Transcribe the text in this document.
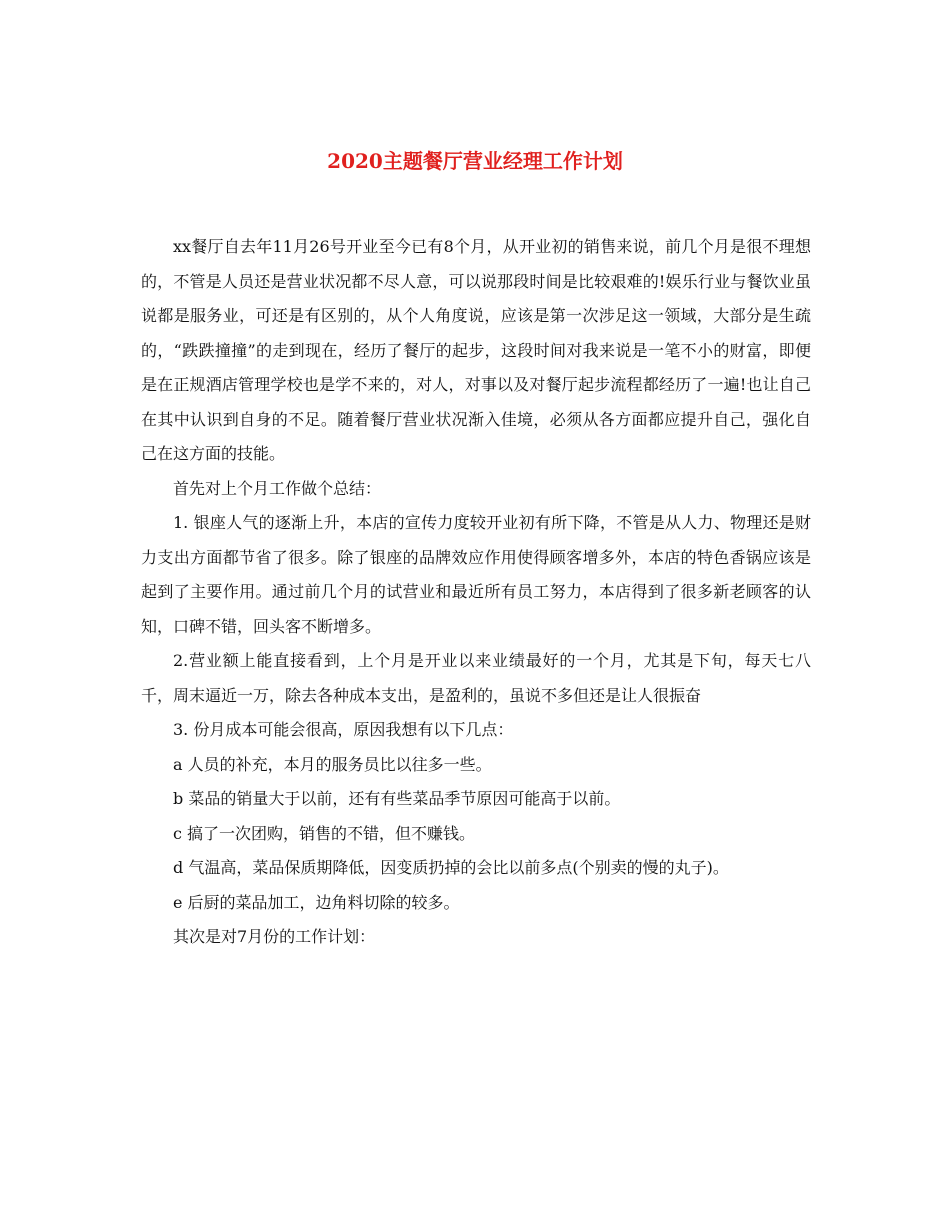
2020主题餐厅营业经理工作计划

xx餐厅自去年11月26号开业至今已有8个月，从开业初的销售来说，前几个月是很不理想的，不管是人员还是营业状况都不尽人意，可以说那段时间是比较艰难的!娱乐行业与餐饮业虽说都是服务业，可还是有区别的，从个人角度说，应该是第一次涉足这一领域，大部分是生疏的，“跌跌撞撞”的走到现在，经历了餐厅的起步，这段时间对我来说是一笔不小的财富，即便是在正规酒店管理学校也是学不来的，对人，对事以及对餐厅起步流程都经历了一遍!也让自己在其中认识到自身的不足。随着餐厅营业状况渐入佳境，必须从各方面都应提升自己，强化自己在这方面的技能。

首先对上个月工作做个总结：

1. 银座人气的逐渐上升，本店的宣传力度较开业初有所下降，不管是从人力、物理还是财力支出方面都节省了很多。除了银座的品牌效应作用使得顾客增多外，本店的特色香锅应该是起到了主要作用。通过前几个月的试营业和最近所有员工努力，本店得到了很多新老顾客的认知，口碑不错，回头客不断增多。

2.营业额上能直接看到，上个月是开业以来业绩最好的一个月，尤其是下旬，每天七八千，周末逼近一万，除去各种成本支出，是盈利的，虽说不多但还是让人很振奋

3. 份月成本可能会很高，原因我想有以下几点：

a 人员的补充，本月的服务员比以往多一些。

b 菜品的销量大于以前，还有有些菜品季节原因可能高于以前。

c 搞了一次团购，销售的不错，但不赚钱。

d 气温高，菜品保质期降低，因变质扔掉的会比以前多点(个别卖的慢的丸子)。

e 后厨的菜品加工，边角料切除的较多。

其次是对7月份的工作计划：
